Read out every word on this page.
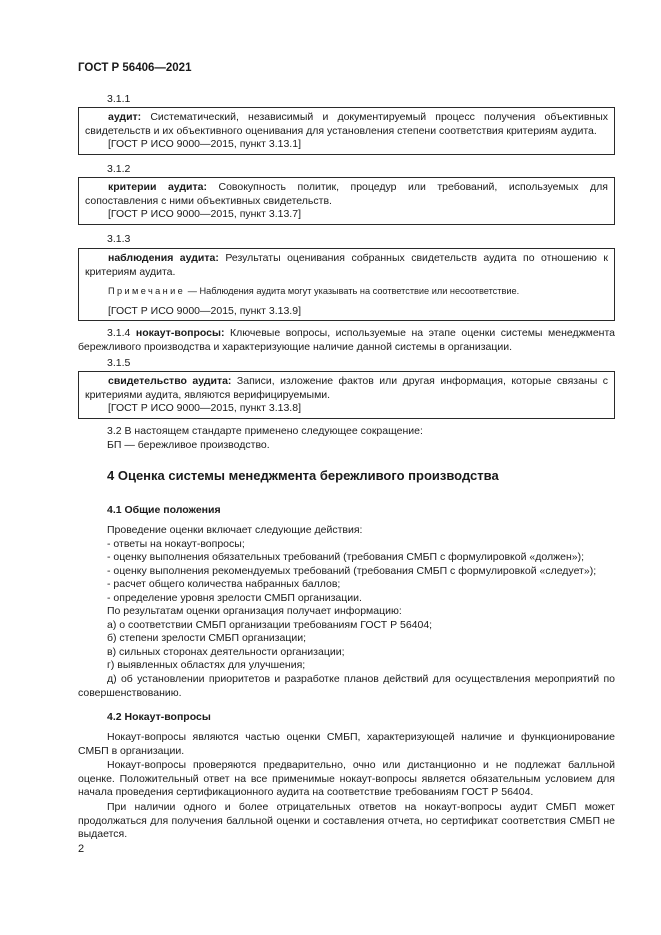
ГОСТ Р 56406—2021
3.1.1
аудит: Систематический, независимый и документируемый процесс получения объективных свидетельств и их объективного оценивания для установления степени соответствия критериям аудита.
[ГОСТ Р ИСО 9000—2015, пункт 3.13.1]
3.1.2
критерии аудита: Совокупность политик, процедур или требований, используемых для сопоставления с ними объективных свидетельств.
[ГОСТ Р ИСО 9000—2015, пункт 3.13.7]
3.1.3
наблюдения аудита: Результаты оценивания собранных свидетельств аудита по отношению к критериям аудита.
Примечание — Наблюдения аудита могут указывать на соответствие или несоответствие.
[ГОСТ Р ИСО 9000—2015, пункт 3.13.9]
3.1.4 нокаут-вопросы: Ключевые вопросы, используемые на этапе оценки системы менеджмента бережливого производства и характеризующие наличие данной системы в организации.
3.1.5
свидетельство аудита: Записи, изложение фактов или другая информация, которые связаны с критериями аудита, являются верифицируемыми.
[ГОСТ Р ИСО 9000—2015, пункт 3.13.8]
3.2 В настоящем стандарте применено следующее сокращение:
БП — бережливое производство.
4 Оценка системы менеджмента бережливого производства
4.1 Общие положения
Проведение оценки включает следующие действия:
- ответы на нокаут-вопросы;
- оценку выполнения обязательных требований (требования СМБП с формулировкой «должен»);
- оценку выполнения рекомендуемых требований (требования СМБП с формулировкой «следует»);
- расчет общего количества набранных баллов;
- определение уровня зрелости СМБП организации.
По результатам оценки организация получает информацию:
а) о соответствии СМБП организации требованиям ГОСТ Р 56404;
б) степени зрелости СМБП организации;
в) сильных сторонах деятельности организации;
г) выявленных областях для улучшения;
д) об установлении приоритетов и разработке планов действий для осуществления мероприятий по совершенствованию.
4.2 Нокаут-вопросы
Нокаут-вопросы являются частью оценки СМБП, характеризующей наличие и функционирование СМБП в организации.
Нокаут-вопросы проверяются предварительно, очно или дистанционно и не подлежат балльной оценке. Положительный ответ на все применимые нокаут-вопросы является обязательным условием для начала проведения сертификационного аудита на соответствие требованиям ГОСТ Р 56404.
При наличии одного и более отрицательных ответов на нокаут-вопросы аудит СМБП может продолжаться для получения балльной оценки и составления отчета, но сертификат соответствия СМБП не выдается.
2
